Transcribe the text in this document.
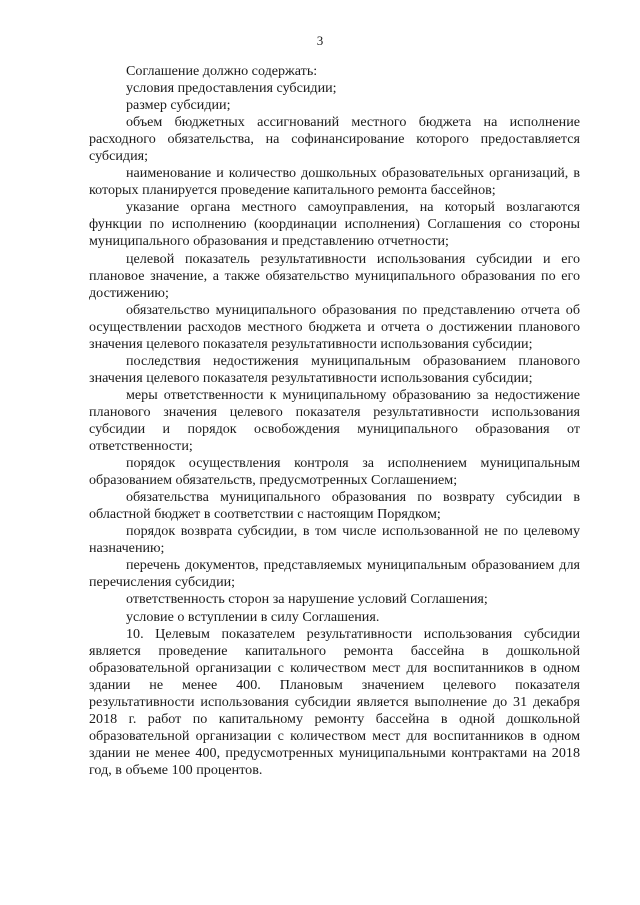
3

Соглашение должно содержать:

условия предоставления субсидии;

размер субсидии;

объем бюджетных ассигнований местного бюджета на исполнение расходного обязательства, на софинансирование которого предоставляется субсидия;

наименование и количество дошкольных образовательных организаций, в которых планируется проведение капитального ремонта бассейнов;

указание органа местного самоуправления, на который возлагаются функции по исполнению (координации исполнения) Соглашения со стороны муниципального образования и представлению отчетности;

целевой показатель результативности использования субсидии и его плановое значение, а также обязательство муниципального образования по его достижению;

обязательство муниципального образования по представлению отчета об осуществлении расходов местного бюджета и отчета о достижении планового значения целевого показателя результативности использования субсидии;

последствия недостижения муниципальным образованием планового значения целевого показателя результативности использования субсидии;

меры ответственности к муниципальному образованию за недостижение планового значения целевого показателя результативности использования субсидии и порядок освобождения муниципального образования от ответственности;

порядок осуществления контроля за исполнением муниципальным образованием обязательств, предусмотренных Соглашением;

обязательства муниципального образования по возврату субсидии в областной бюджет в соответствии с настоящим Порядком;

порядок возврата субсидии, в том числе использованной не по целевому назначению;

перечень документов, представляемых муниципальным образованием для перечисления субсидии;

ответственность сторон за нарушение условий Соглашения;

условие о вступлении в силу Соглашения.

10. Целевым показателем результативности использования субсидии является проведение капитального ремонта бассейна в дошкольной образовательной организации с количеством мест для воспитанников в одном здании не менее 400. Плановым значением целевого показателя результативности использования субсидии является выполнение до 31 декабря 2018 г. работ по капитальному ремонту бассейна в одной дошкольной образовательной организации с количеством мест для воспитанников в одном здании не менее 400, предусмотренных муниципальными контрактами на 2018 год, в объеме 100 процентов.
